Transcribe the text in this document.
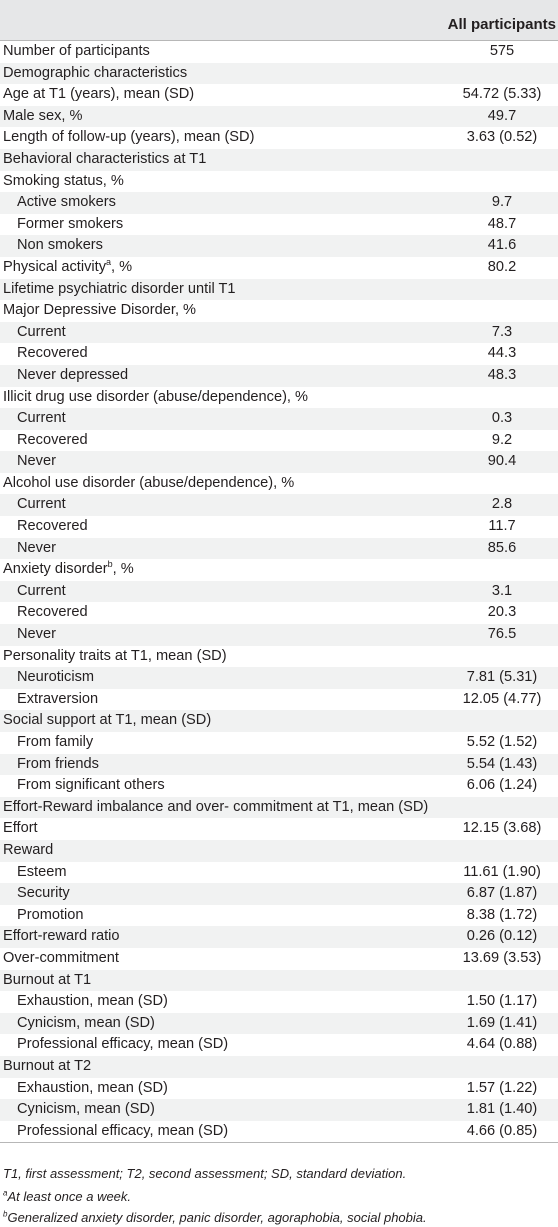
All participants
Number of participants	575
Demographic characteristics
Age at T1 (years), mean (SD)	54.72 (5.33)
Male sex, %	49.7
Length of follow-up (years), mean (SD)	3.63 (0.52)
Behavioral characteristics at T1
Smoking status, %
Active smokers	9.7
Former smokers	48.7
Non smokers	41.6
Physical activity$^a$, %	80.2
Lifetime psychiatric disorder until T1
Major Depressive Disorder, %
Current	7.3
Recovered	44.3
Never depressed	48.3
Illicit drug use disorder (abuse/dependence), %
Current	0.3
Recovered	9.2
Never	90.4
Alcohol use disorder (abuse/dependence), %
Current	2.8
Recovered	11.7
Never	85.6
Anxiety disorder$^b$, %
Current	3.1
Recovered	20.3
Never	76.5
Personality traits at T1, mean (SD)
Neuroticism	7.81 (5.31)
Extraversion	12.05 (4.77)
Social support at T1, mean (SD)
From family	5.52 (1.52)
From friends	5.54 (1.43)
From significant others	6.06 (1.24)
Effort-Reward imbalance and over- commitment at T1, mean (SD)
Effort	12.15 (3.68)
Reward
Esteem	11.61 (1.90)
Security	6.87 (1.87)
Promotion	8.38 (1.72)
Effort-reward ratio	0.26 (0.12)
Over-commitment	13.69 (3.53)
Burnout at T1
Exhaustion, mean (SD)	1.50 (1.17)
Cynicism, mean (SD)	1.69 (1.41)
Professional efficacy, mean (SD)	4.64 (0.88)
Burnout at T2
Exhaustion, mean (SD)	1.57 (1.22)
Cynicism, mean (SD)	1.81 (1.40)
Professional efficacy, mean (SD)	4.66 (0.85)
T1, first assessment; T2, second assessment; SD, standard deviation.
$^a$At least once a week.
$^b$Generalized anxiety disorder, panic disorder, agoraphobia, social phobia.
